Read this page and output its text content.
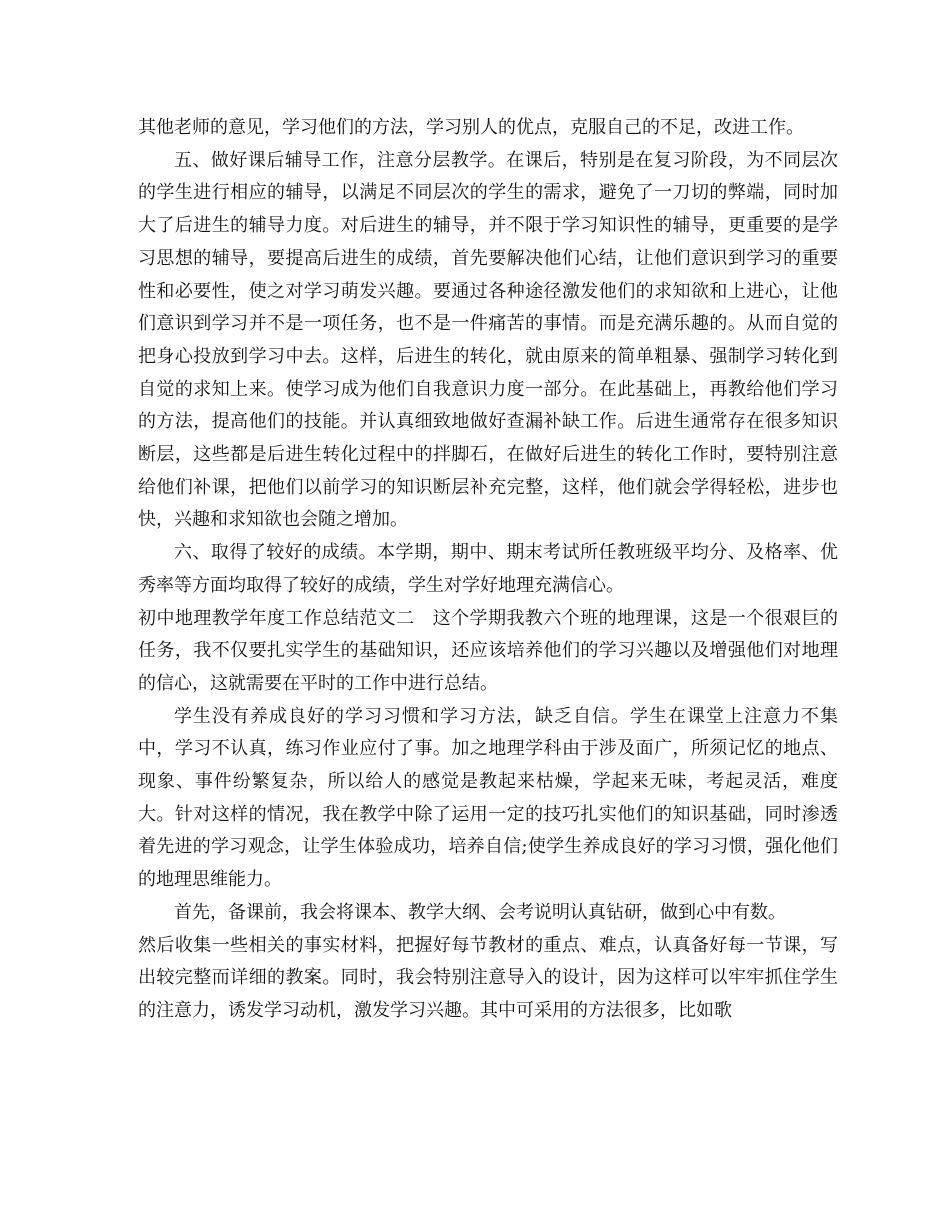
其他老师的意见，学习他们的方法，学习别人的优点，克服自己的不足，改进工作。

五、做好课后辅导工作，注意分层教学。在课后，特别是在复习阶段，为不同层次的学生进行相应的辅导，以满足不同层次的学生的需求，避免了一刀切的弊端，同时加大了后进生的辅导力度。对后进生的辅导，并不限于学习知识性的辅导，更重要的是学习思想的辅导，要提高后进生的成绩，首先要解决他们心结，让他们意识到学习的重要性和必要性，使之对学习萌发兴趣。要通过各种途径激发他们的求知欲和上进心，让他们意识到学习并不是一项任务，也不是一件痛苦的事情。而是充满乐趣的。从而自觉的把身心投放到学习中去。这样，后进生的转化，就由原来的简单粗暴、强制学习转化到自觉的求知上来。使学习成为他们自我意识力度一部分。在此基础上，再教给他们学习的方法，提高他们的技能。并认真细致地做好查漏补缺工作。后进生通常存在很多知识断层，这些都是后进生转化过程中的拌脚石，在做好后进生的转化工作时，要特别注意给他们补课，把他们以前学习的知识断层补充完整，这样，他们就会学得轻松，进步也快，兴趣和求知欲也会随之增加。

六、取得了较好的成绩。本学期，期中、期末考试所任教班级平均分、及格率、优秀率等方面均取得了较好的成绩，学生对学好地理充满信心。

初中地理教学年度工作总结范文二 这个学期我教六个班的地理课，这是一个很艰巨的任务，我不仅要扎实学生的基础知识，还应该培养他们的学习兴趣以及增强他们对地理的信心，这就需要在平时的工作中进行总结。

学生没有养成良好的学习习惯和学习方法，缺乏自信。学生在课堂上注意力不集中，学习不认真，练习作业应付了事。加之地理学科由于涉及面广，所须记忆的地点、现象、事件纷繁复杂，所以给人的感觉是教起来枯燥，学起来无味，考起灵活，难度大。针对这样的情况，我在教学中除了运用一定的技巧扎实他们的知识基础，同时渗透着先进的学习观念，让学生体验成功，培养自信;使学生养成良好的学习习惯，强化他们的地理思维能力。

首先，备课前，我会将课本、教学大纲、会考说明认真钻研，做到心中有数。

然后收集一些相关的事实材料，把握好每节教材的重点、难点，认真备好每一节课，写出较完整而详细的教案。同时，我会特别注意导入的设计，因为这样可以牢牢抓住学生的注意力，诱发学习动机，激发学习兴趣。其中可采用的方法很多，比如歌
